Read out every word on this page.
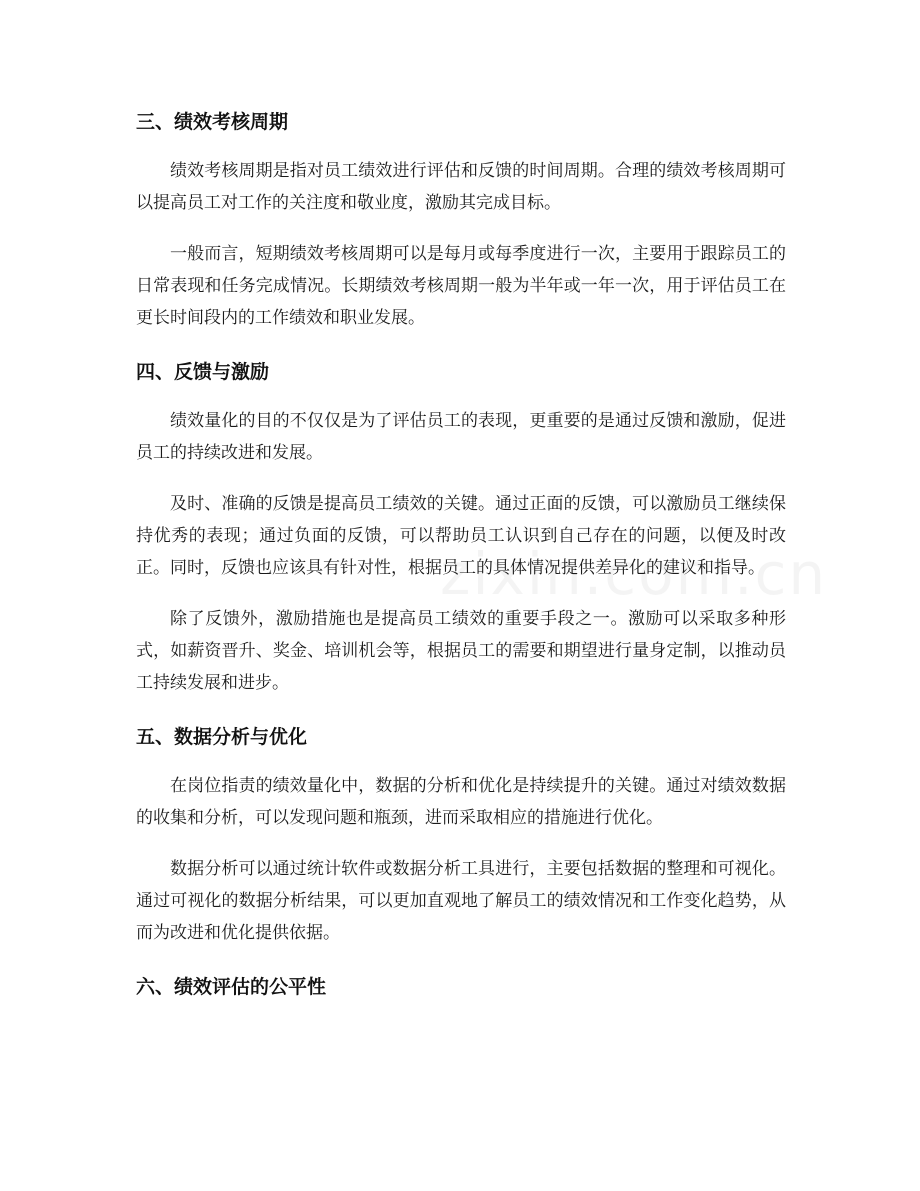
三、绩效考核周期

绩效考核周期是指对员工绩效进行评估和反馈的时间周期。合理的绩效考核周期可以提高员工对工作的关注度和敬业度，激励其完成目标。

一般而言，短期绩效考核周期可以是每月或每季度进行一次，主要用于跟踪员工的日常表现和任务完成情况。长期绩效考核周期一般为半年或一年一次，用于评估员工在更长时间段内的工作绩效和职业发展。

四、反馈与激励

绩效量化的目的不仅仅是为了评估员工的表现，更重要的是通过反馈和激励，促进员工的持续改进和发展。

及时、准确的反馈是提高员工绩效的关键。通过正面的反馈，可以激励员工继续保持优秀的表现；通过负面的反馈，可以帮助员工认识到自己存在的问题，以便及时改正。同时，反馈也应该具有针对性，根据员工的具体情况提供差异化的建议和指导。

除了反馈外，激励措施也是提高员工绩效的重要手段之一。激励可以采取多种形式，如薪资晋升、奖金、培训机会等，根据员工的需要和期望进行量身定制，以推动员工持续发展和进步。

五、数据分析与优化

在岗位指责的绩效量化中，数据的分析和优化是持续提升的关键。通过对绩效数据的收集和分析，可以发现问题和瓶颈，进而采取相应的措施进行优化。

数据分析可以通过统计软件或数据分析工具进行，主要包括数据的整理和可视化。通过可视化的数据分析结果，可以更加直观地了解员工的绩效情况和工作变化趋势，从而为改进和优化提供依据。

六、绩效评估的公平性
